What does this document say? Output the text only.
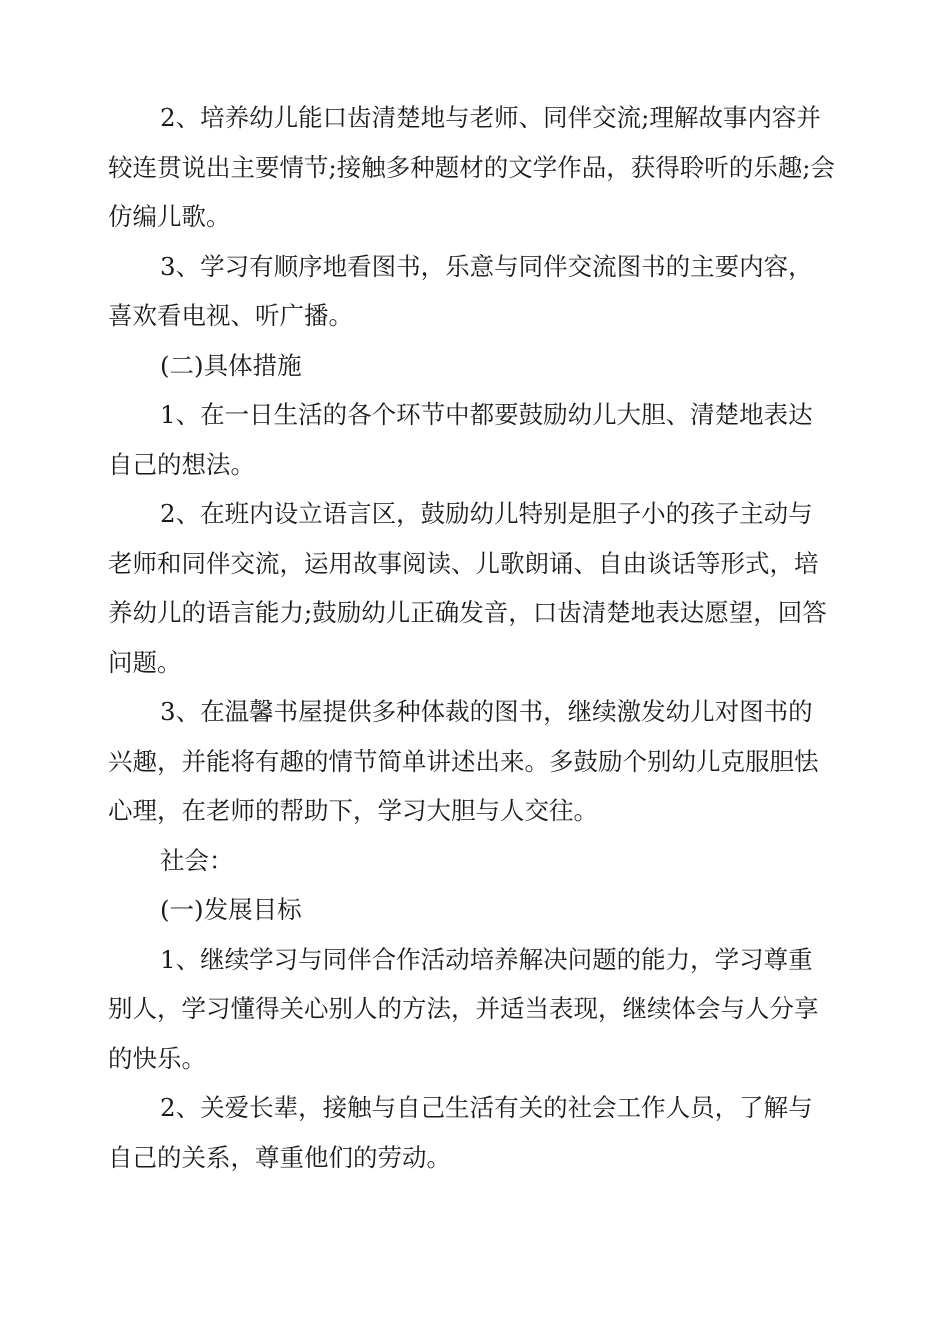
2、培养幼儿能口齿清楚地与老师、同伴交流;理解故事内容并较连贯说出主要情节;接触多种题材的文学作品，获得聆听的乐趣;会仿编儿歌。

3、学习有顺序地看图书，乐意与同伴交流图书的主要内容，喜欢看电视、听广播。

(二)具体措施

1、在一日生活的各个环节中都要鼓励幼儿大胆、清楚地表达自己的想法。

2、在班内设立语言区，鼓励幼儿特别是胆子小的孩子主动与老师和同伴交流，运用故事阅读、儿歌朗诵、自由谈话等形式，培养幼儿的语言能力;鼓励幼儿正确发音，口齿清楚地表达愿望，回答问题。

3、在温馨书屋提供多种体裁的图书，继续激发幼儿对图书的兴趣，并能将有趣的情节简单讲述出来。多鼓励个别幼儿克服胆怯心理，在老师的帮助下，学习大胆与人交往。

社会：

(一)发展目标

1、继续学习与同伴合作活动培养解决问题的能力，学习尊重别人，学习懂得关心别人的方法，并适当表现，继续体会与人分享的快乐。

2、关爱长辈，接触与自己生活有关的社会工作人员，了解与自己的关系，尊重他们的劳动。
